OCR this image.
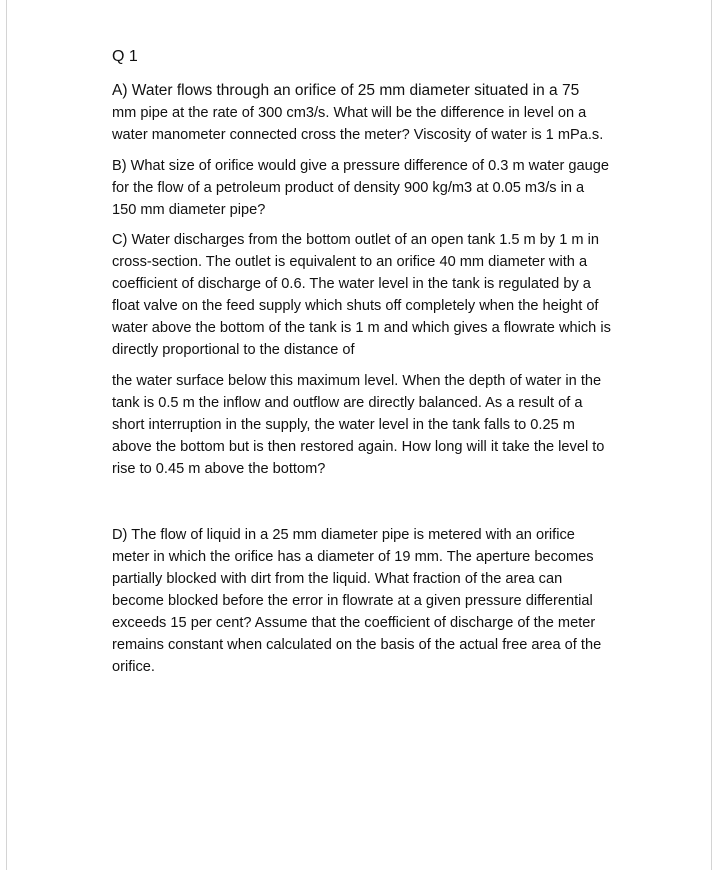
Q 1

A) Water flows through an orifice of 25 mm diameter situated in a 75

mm pipe at the rate of 300 cm3/s. What will be the difference in level on a water manometer connected cross the meter? Viscosity of water is 1 mPa.s.

B) What size of orifice would give a pressure difference of 0.3 m water gauge for the flow of a petroleum product of density 900 kg/m3 at 0.05 m3/s in a 150 mm diameter pipe?

C) Water discharges from the bottom outlet of an open tank 1.5 m by 1 m in cross-section. The outlet is equivalent to an orifice 40 mm diameter with a coefficient of discharge of 0.6. The water level in the tank is regulated by a float valve on the feed supply which shuts off completely when the height of water above the bottom of the tank is 1 m and which gives a flowrate which is directly proportional to the distance of

the water surface below this maximum level. When the depth of water in the tank is 0.5 m the inflow and outflow are directly balanced. As a result of a short interruption in the supply, the water level in the tank falls to 0.25 m above the bottom but is then restored again. How long will it take the level to rise to 0.45 m above the bottom?

D) The flow of liquid in a 25 mm diameter pipe is metered with an orifice meter in which the orifice has a diameter of 19 mm. The aperture becomes partially blocked with dirt from the liquid. What fraction of the area can become blocked before the error in flowrate at a given pressure differential exceeds 15 per cent? Assume that the coefficient of discharge of the meter remains constant when calculated on the basis of the actual free area of the orifice.
